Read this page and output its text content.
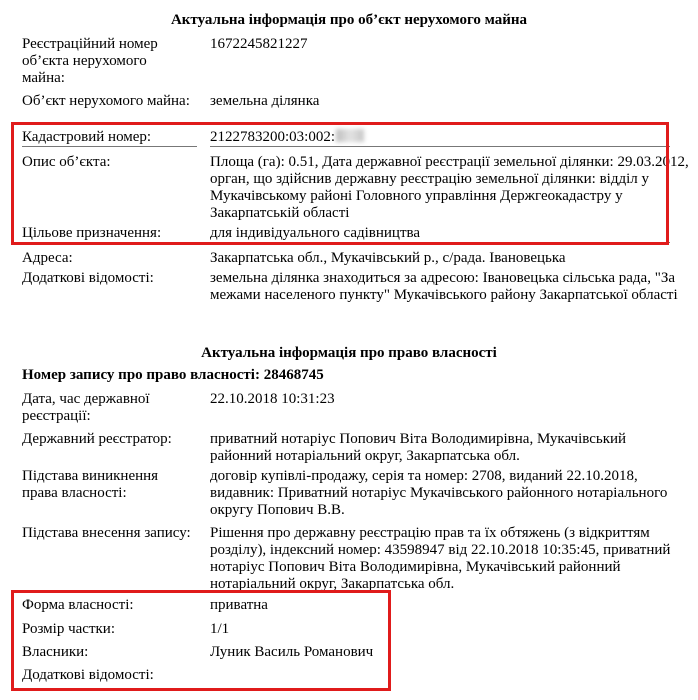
Актуальна інформація про об’єкт нерухомого майна
Реєстраційний номер об’єкта нерухомого майна:
1672245821227
Об’єкт нерухомого майна: земельна ділянка
Кадастровий номер:	2122783200:03:002:
Опис об’єкта:	Площа (га): 0.51, Дата державної реєстрації земельної ділянки: 29.03.2012, орган, що здійснив державну реєстрацію земельної ділянки: відділ у Мукачівському районі Головного управління Держгеокадастру у Закарпатській області
Цільове призначення:	для індивідуального садівництва
Адреса:	Закарпатська обл., Мукачівський р., с/рада. Івановецька
Додаткові відомості:	земельна ділянка знаходиться за адресою: Івановецька сільська рада, "За межами населеного пункту" Мукачівського району Закарпатської області
Актуальна інформація про право власності
Номер запису про право власності: 28468745
Дата, час державної реєстрації:
22.10.2018 10:31:23
Державний реєстратор:	приватний нотаріус Попович Віта Володимирівна, Мукачівський районний нотаріальний округ, Закарпатська обл.
Підстава виникнення права власності:
договір купівлі-продажу, серія та номер: 2708, виданий 22.10.2018, видавник: Приватний нотаріус Мукачівського районного нотаріального округу Попович В.В.
Підстава внесення запису: Рішення про державну реєстрацію прав та їх обтяжень (з відкриттям розділу), індексний номер: 43598947 від 22.10.2018 10:35:45, приватний нотаріус Попович Віта Володимирівна, Мукачівський районний нотаріальний округ, Закарпатська обл.
Форма власності:	приватна
Розмір частки:	1/1
Власники:	Луник Василь Романович
Додаткові відомості:
